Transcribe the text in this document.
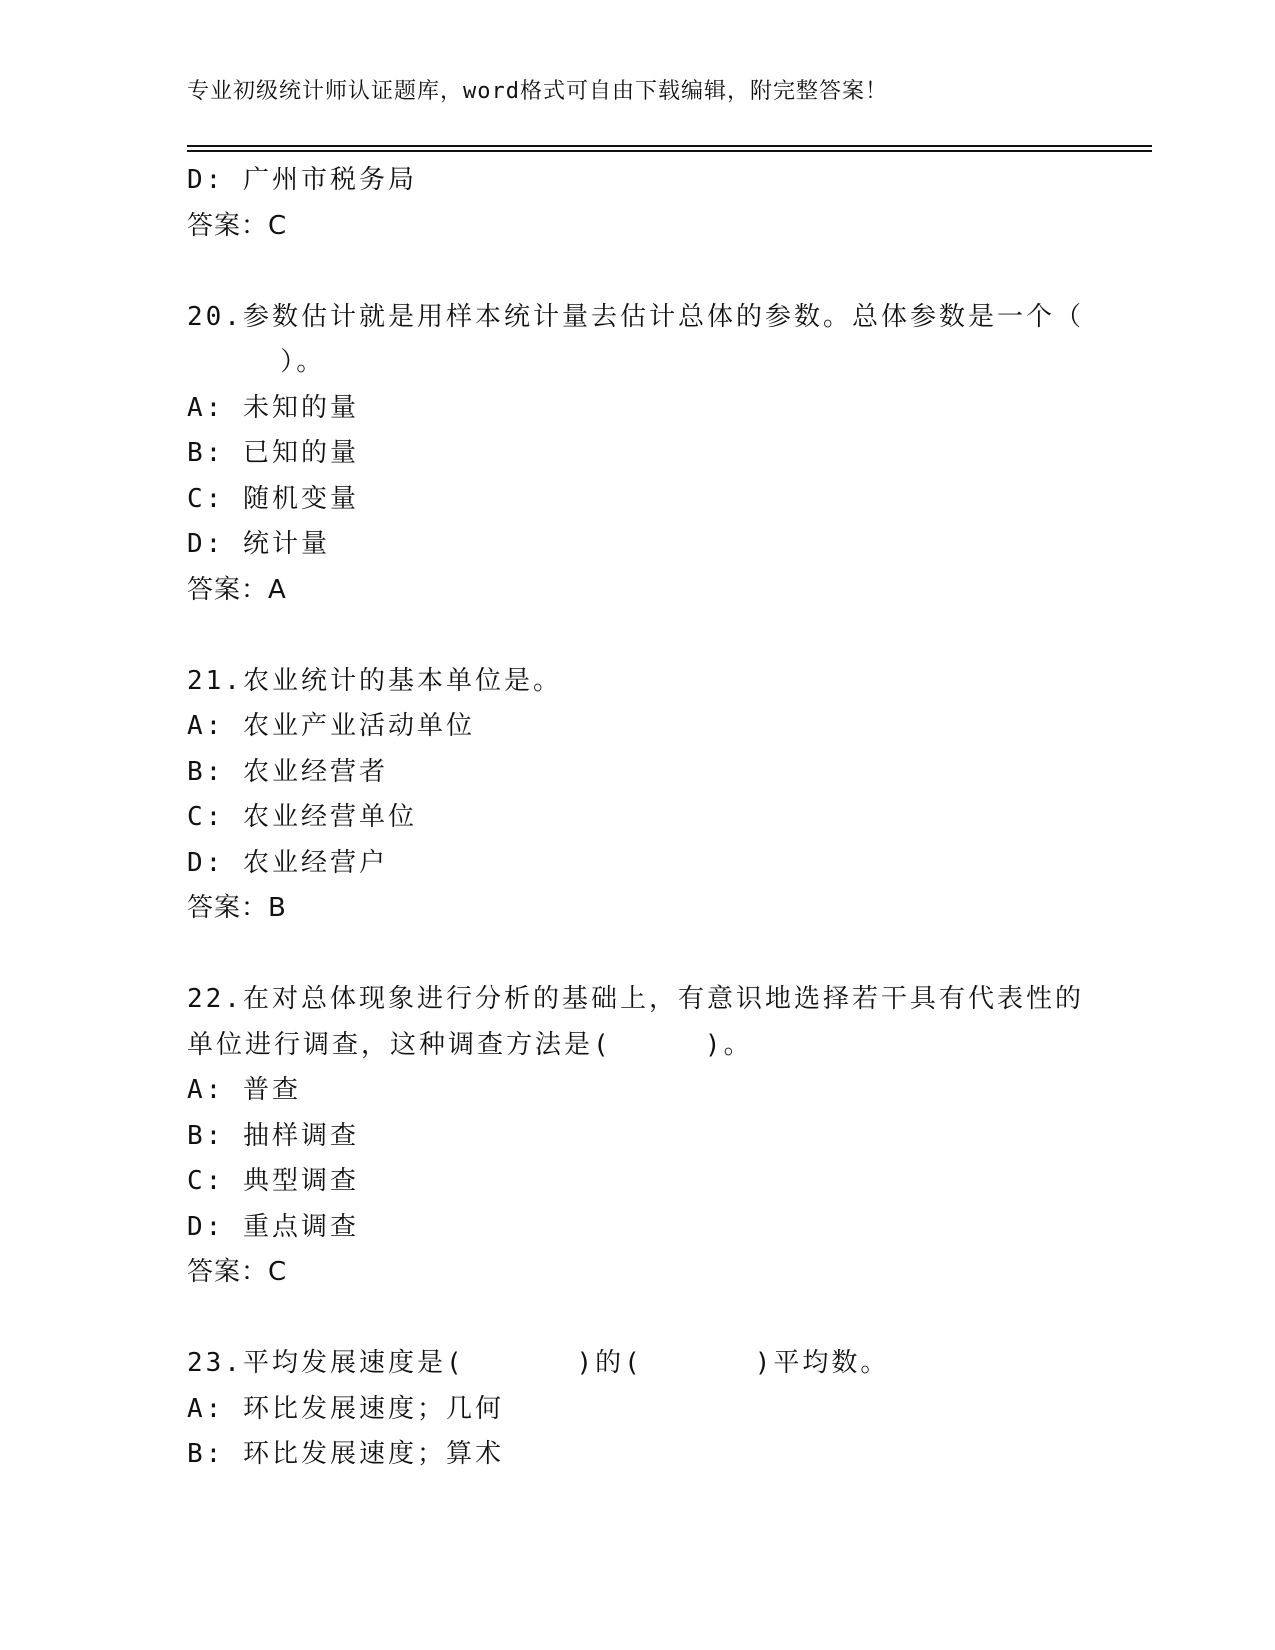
专业初级统计师认证题库，word格式可自由下载编辑，附完整答案！
D: 广州市税务局
答案：C
20.参数估计就是用样本统计量去估计总体的参数。总体参数是一个（
）。
A: 未知的量
B: 已知的量
C: 随机变量
D: 统计量
答案：A
21.农业统计的基本单位是。
A: 农业产业活动单位
B: 农业经营者
C: 农业经营单位
D: 农业经营户
答案：B
22.在对总体现象进行分析的基础上，有意识地选择若干具有代表性的
单位进行调查，这种调查方法是(     )。
A: 普查
B: 抽样调查
C: 典型调查
D: 重点调查
答案：C
23.平均发展速度是(      )的(      )平均数。
A: 环比发展速度；几何
B: 环比发展速度；算术
